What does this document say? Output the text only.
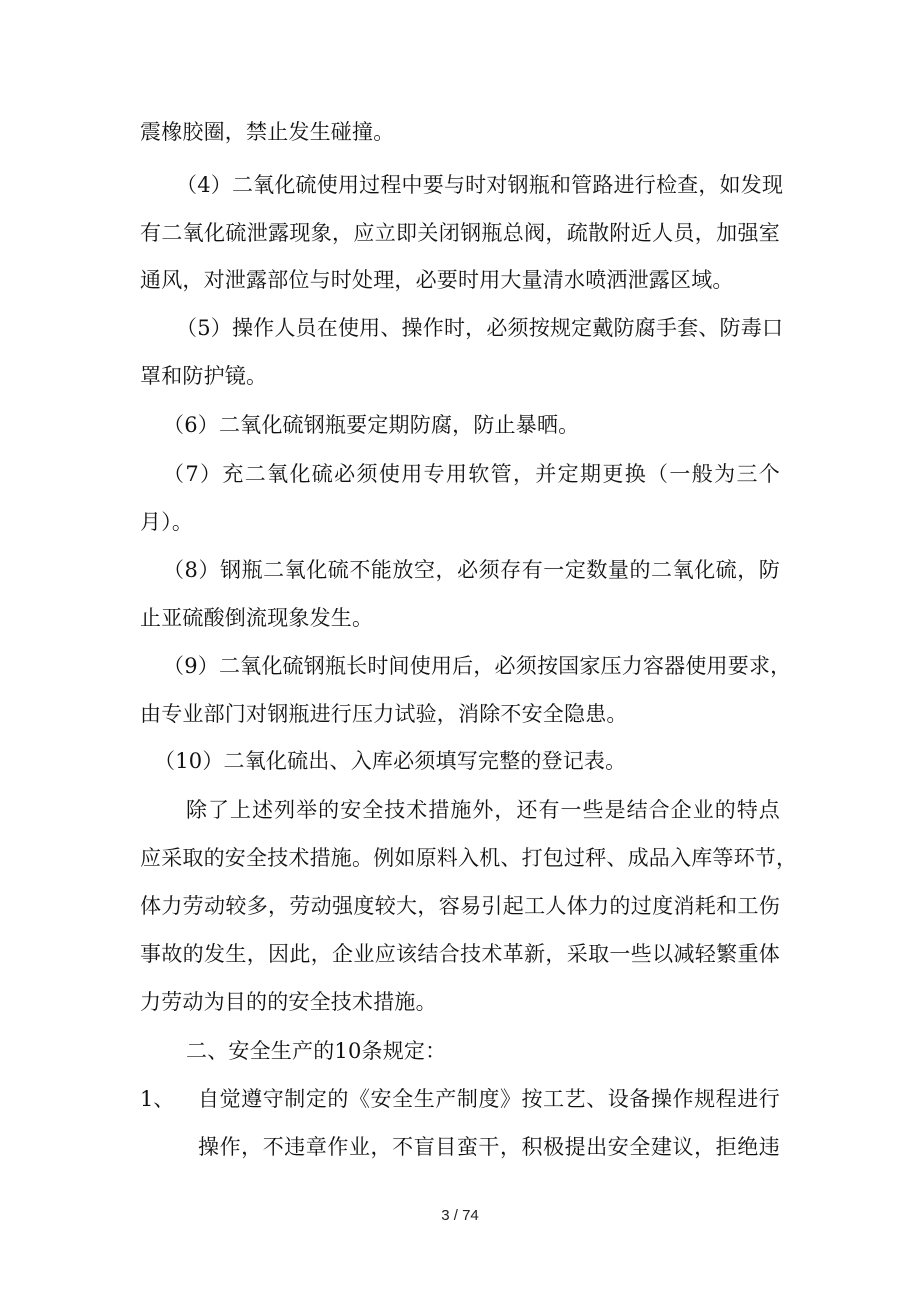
震橡胶圈，禁止发生碰撞。
（4）二氧化硫使用过程中要与时对钢瓶和管路进行检查，如发现
有二氧化硫泄露现象，应立即关闭钢瓶总阀，疏散附近人员，加强室
通风，对泄露部位与时处理，必要时用大量清水喷洒泄露区域。
（5）操作人员在使用、操作时，必须按规定戴防腐手套、防毒口
罩和防护镜。
（6）二氧化硫钢瓶要定期防腐，防止暴晒。
（7）充二氧化硫必须使用专用软管，并定期更换（一般为三个
月）。
（8）钢瓶二氧化硫不能放空，必须存有一定数量的二氧化硫，防
止亚硫酸倒流现象发生。
（9）二氧化硫钢瓶长时间使用后，必须按国家压力容器使用要求，
由专业部门对钢瓶进行压力试验，消除不安全隐患。
（10）二氧化硫出、入库必须填写完整的登记表。
除了上述列举的安全技术措施外，还有一些是结合企业的特点
应采取的安全技术措施。例如原料入机、打包过秤、成品入库等环节，
体力劳动较多，劳动强度较大，容易引起工人体力的过度消耗和工伤
事故的发生，因此，企业应该结合技术革新，采取一些以减轻繁重体
力劳动为目的的安全技术措施。
二、安全生产的10条规定：
1、 自觉遵守制定的《安全生产制度》按工艺、设备操作规程进行
操作，不违章作业，不盲目蛮干，积极提出安全建议，拒绝违
3 / 74
